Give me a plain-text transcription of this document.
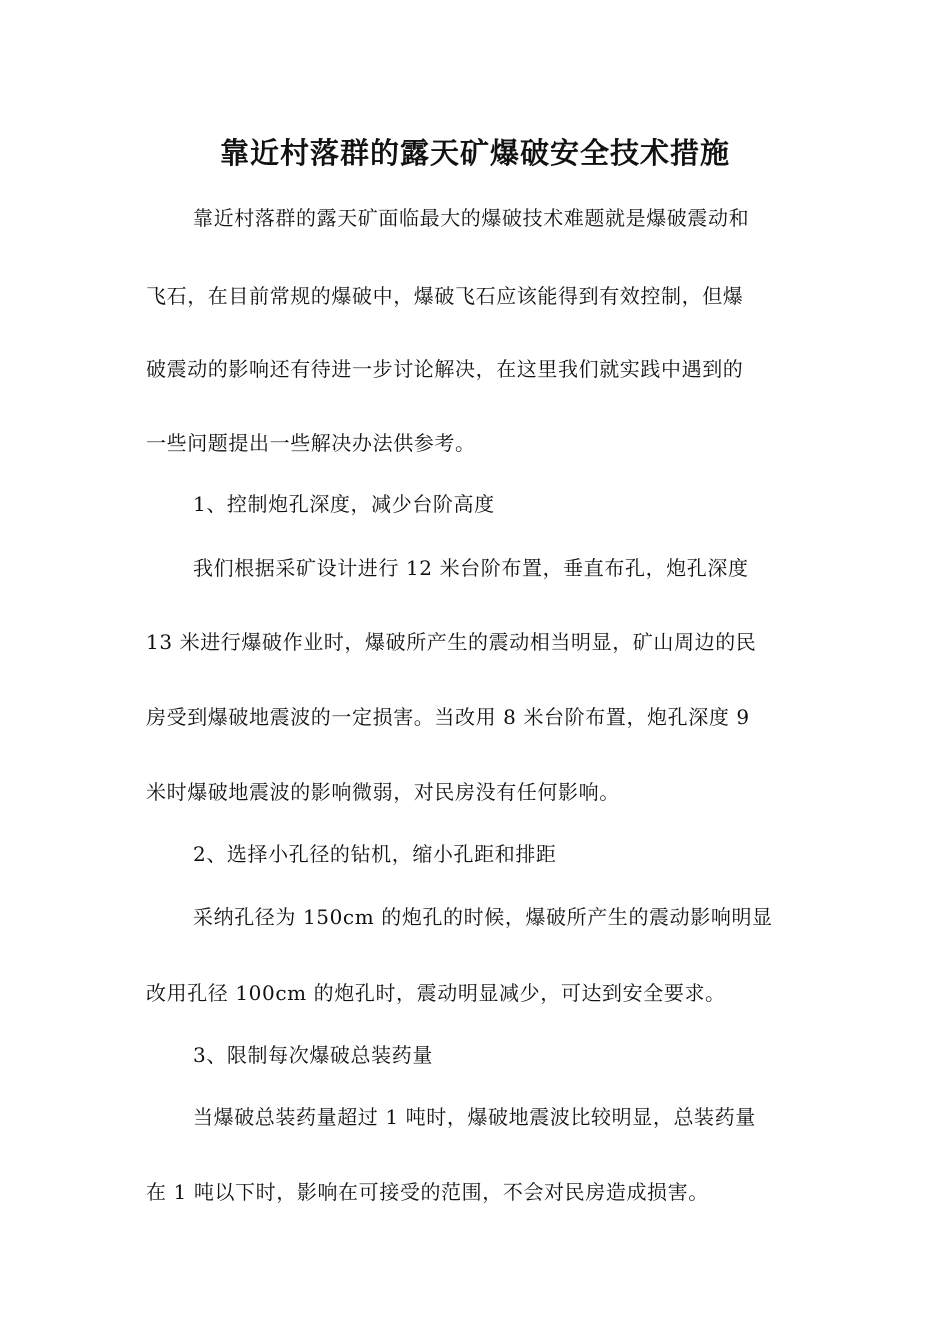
靠近村落群的露天矿爆破安全技术措施

靠近村落群的露天矿面临最大的爆破技术难题就是爆破震动和

飞石，在目前常规的爆破中，爆破飞石应该能得到有效控制，但爆

破震动的影响还有待进一步讨论解决，在这里我们就实践中遇到的

一些问题提出一些解决办法供参考。

1、控制炮孔深度，减少台阶高度

我们根据采矿设计进行 12 米台阶布置，垂直布孔，炮孔深度

13 米进行爆破作业时，爆破所产生的震动相当明显，矿山周边的民

房受到爆破地震波的一定损害。当改用 8 米台阶布置，炮孔深度 9

米时爆破地震波的影响微弱，对民房没有任何影响。

2、选择小孔径的钻机，缩小孔距和排距

采纳孔径为 150cm 的炮孔的时候，爆破所产生的震动影响明显

改用孔径 100cm 的炮孔时，震动明显减少，可达到安全要求。

3、限制每次爆破总装药量

当爆破总装药量超过 1 吨时，爆破地震波比较明显，总装药量

在 1 吨以下时，影响在可接受的范围，不会对民房造成损害。
